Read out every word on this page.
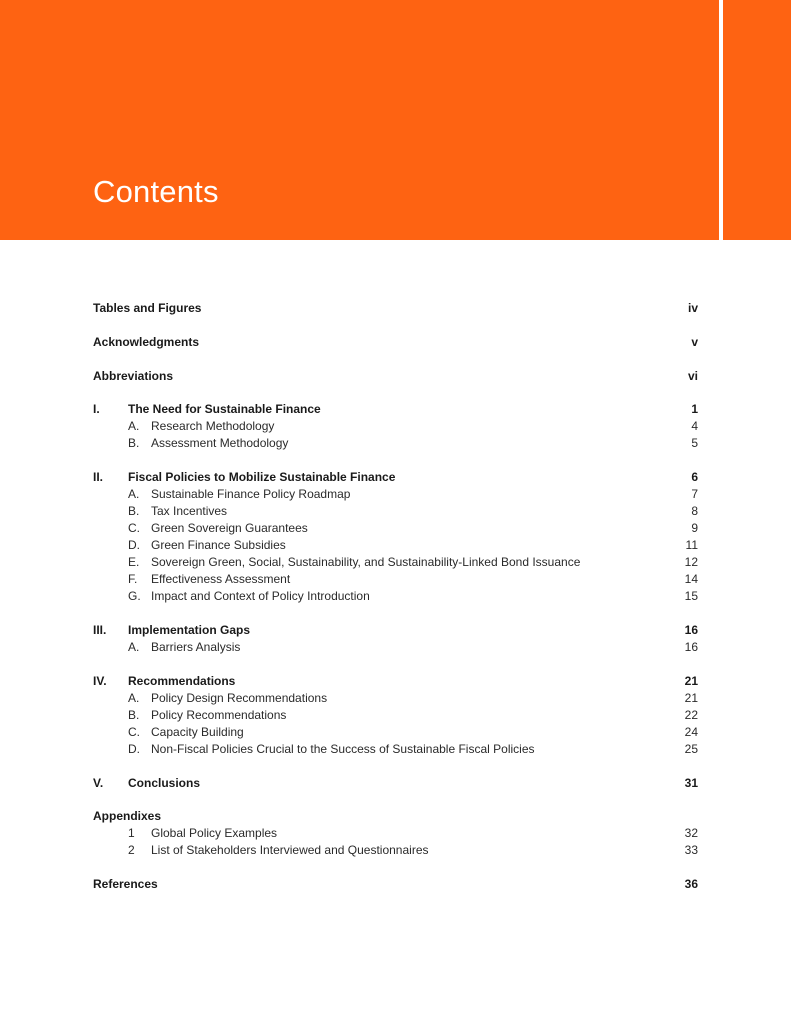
Contents
Tables and Figures	iv
Acknowledgments	v
Abbreviations	vi
I.	The Need for Sustainable Finance	1
A. Research Methodology	4
B. Assessment Methodology	5
II.	Fiscal Policies to Mobilize Sustainable Finance	6
A. Sustainable Finance Policy Roadmap	7
B. Tax Incentives	8
C. Green Sovereign Guarantees	9
D. Green Finance Subsidies	11
E. Sovereign Green, Social, Sustainability, and Sustainability-Linked Bond Issuance	12
F.	Effectiveness Assessment	14
G. Impact and Context of Policy Introduction	15
III.	Implementation Gaps	16
A. Barriers Analysis	16
IV.	Recommendations	21
A. Policy Design Recommendations	21
B. Policy Recommendations	22
C. Capacity Building	24
D. Non-Fiscal Policies Crucial to the Success of Sustainable Fiscal Policies	25
V.	Conclusions	31
Appendixes
1	Global Policy Examples	32
2	List of Stakeholders Interviewed and Questionnaires	33
References	36
